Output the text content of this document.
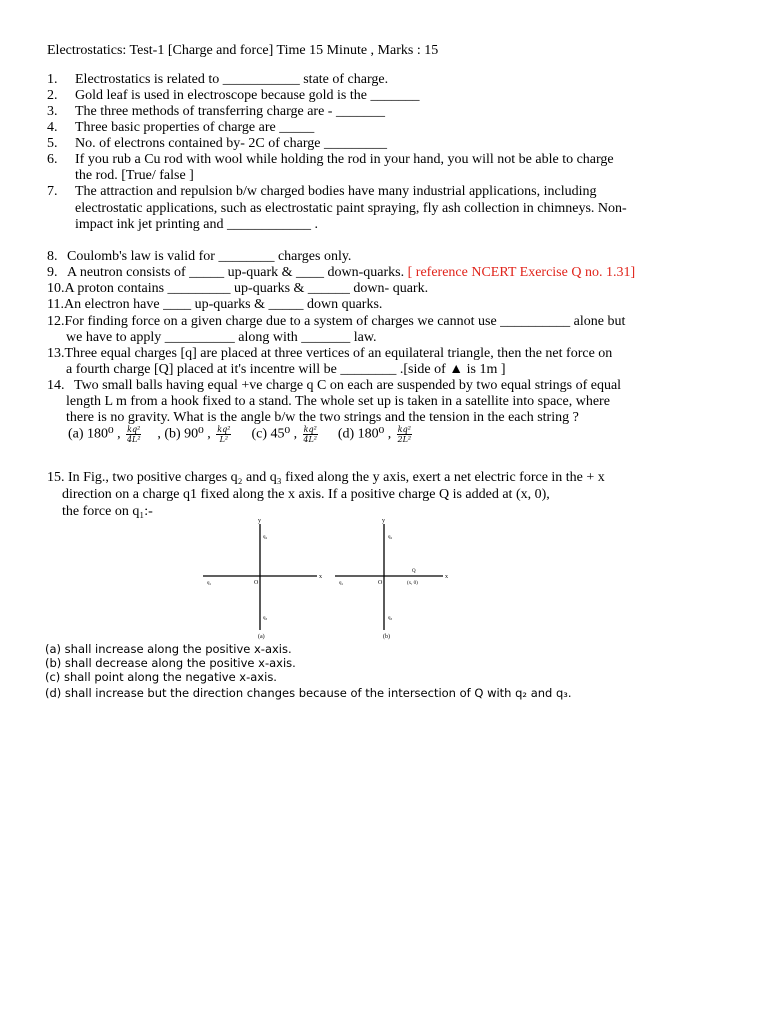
Electrostatics: Test-1 [Charge and force] Time 15 Minute , Marks : 15
1. Electrostatics is related to ___________ state of charge.
2. Gold leaf is used in electroscope because gold is the _______
3. The three methods of transferring charge are - _______
4. Three basic properties of charge are _____
5. No. of electrons contained by- 2C of charge _________
6. If you rub a Cu rod with wool while holding the rod in your hand, you will not be able to charge
the rod. [True/ false ]
7. The attraction and repulsion b/w charged bodies have many industrial applications, including
electrostatic applications, such as electrostatic paint spraying, fly ash collection in chimneys. Non-
impact ink jet printing and ____________ .
8. Coulomb's law is valid for ________ charges only.
9. A neutron consists of _____ up-quark & ____ down-quarks. [ reference NCERT Exercise Q no. 1.31]
10.A proton contains _________ up-quarks & ______ down- quark.
11.An electron have ____ up-quarks & _____ down quarks.
12.For finding force on a given charge due to a system of charges we cannot use __________ alone but
we have to apply __________ along with _______ law.
13.Three equal charges [q] are placed at three vertices of an equilateral triangle, then the net force on
a fourth charge [Q] placed at it's incentre will be ________ .[side of ▲ is 1m ]
14. Two small balls having equal +ve charge q C on each are suspended by two equal strings of equal
length L m from a hook fixed to a stand. The whole set up is taken in a satellite into space, where
there is no gravity. What is the angle b/w the two strings and the tension in the each string ?
(a) 180⁰ , $\frac{\text{kq²}}{\text{4L²}}$ , (b) 90⁰ , $\frac{\text{kq²}}{\text{L²}} (c)$ 45⁰ , $\frac{\text{kq²}}{\text{4L²}} (d)$ 180⁰ , $\frac{\text{kq²}}{\text{2L²}}$
15. In Fig., two positive charges q₂ and q₃ fixed along the y axis, exert a net electric force in the + x
direction on a charge q1 fixed along the x axis. If a positive charge Q is added at (x, 0),
the force on q₁:-
y
x
q₂
q₃
q₁	O
(a)
y
x
q₂
q₃
q₁	O
Q
(x, 0)
(b)
(a) shall increase along the positive x-axis.
(b) shall decrease along the positive x-axis.
(c) shall point along the negative x-axis.
(d) shall increase but the direction changes because of the intersection of Q with q₂ and q₃.
